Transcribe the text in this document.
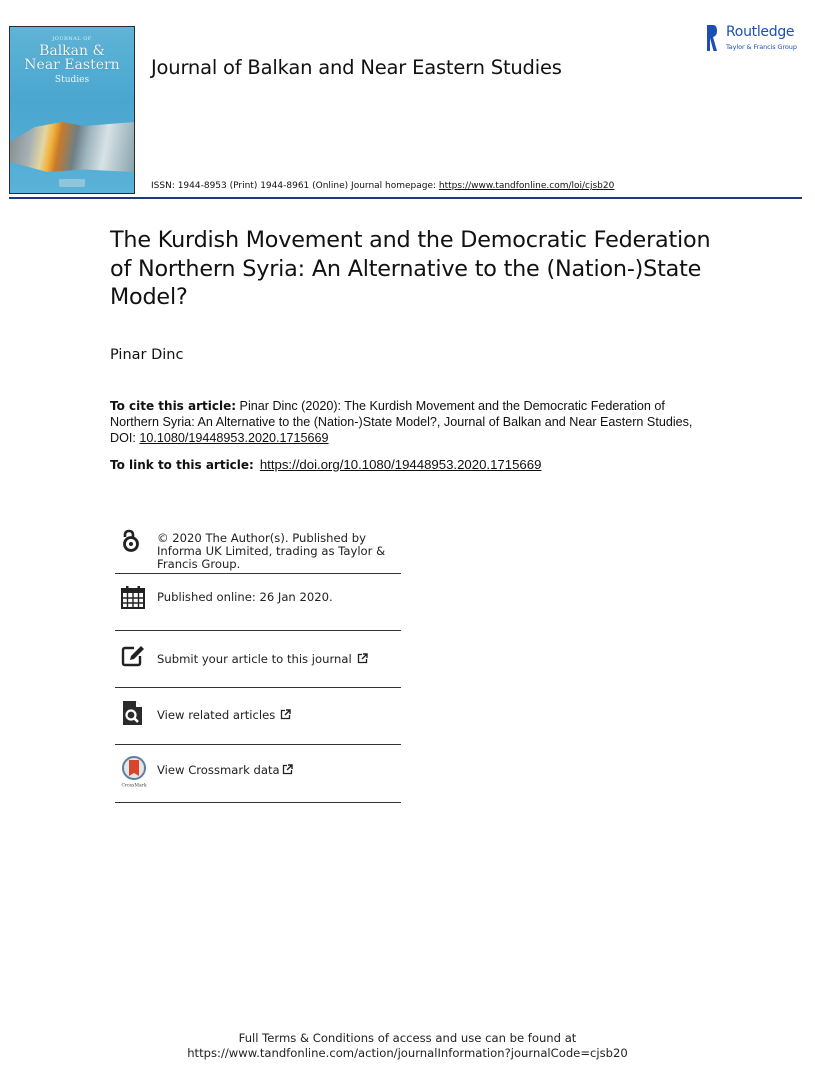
JOURNAL OF
Balkan &
Near Eastern
Studies
Journal of Balkan and Near Eastern Studies
Routledge
Taylor & Francis Group
ISSN: 1944-8953 (Print) 1944-8961 (Online) Journal homepage: https://www.tandfonline.com/loi/cjsb20
The Kurdish Movement and the Democratic Federation of Northern Syria: An Alternative to the (Nation-)State Model?
Pinar Dinc
To cite this article: Pinar Dinc (2020): The Kurdish Movement and the Democratic Federation of Northern Syria: An Alternative to the (Nation-)State Model?, Journal of Balkan and Near Eastern Studies, DOI: 10.1080/19448953.2020.1715669
To link to this article: https://doi.org/10.1080/19448953.2020.1715669
© 2020 The Author(s). Published by Informa UK Limited, trading as Taylor & Francis Group.
Published online: 26 Jan 2020.
Submit your article to this journal
View related articles
CrossMark
View Crossmark data
Full Terms & Conditions of access and use can be found at
https://www.tandfonline.com/action/journalInformation?journalCode=cjsb20
